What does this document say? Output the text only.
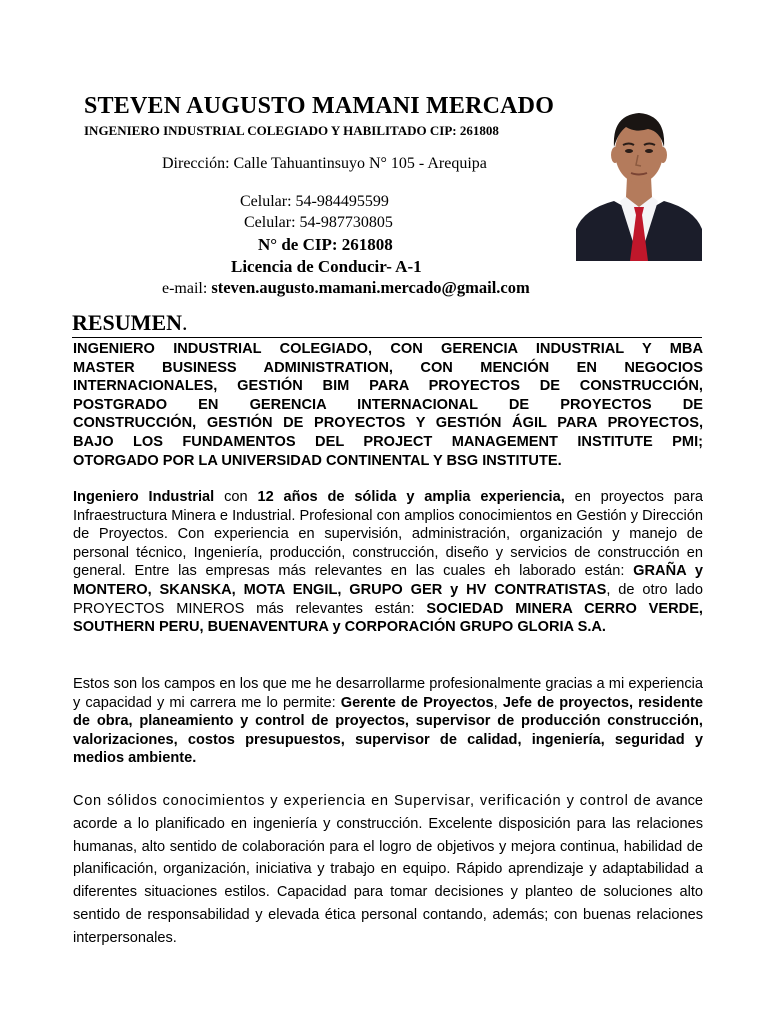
STEVEN AUGUSTO MAMANI MERCADO
INGENIERO INDUSTRIAL COLEGIADO Y HABILITADO CIP: 261808
Dirección: Calle Tahuantinsuyo N° 105 - Arequipa
Celular: 54-984495599
Celular: 54-987730805
N° de CIP: 261808
Licencia de Conducir- A-1
e-mail: steven.augusto.mamani.mercado@gmail.com
RESUMEN.
INGENIERO INDUSTRIAL COLEGIADO, CON GERENCIA INDUSTRIAL Y MBA
MASTER BUSINESS ADMINISTRATION, CON MENCIÓN EN NEGOCIOS
INTERNACIONALES, GESTIÓN BIM PARA PROYECTOS DE CONSTRUCCIÓN,
POSTGRADO EN GERENCIA INTERNACIONAL DE PROYECTOS DE
CONSTRUCCIÓN, GESTIÓN DE PROYECTOS Y GESTIÓN ÁGIL PARA PROYECTOS,
BAJO LOS FUNDAMENTOS DEL PROJECT MANAGEMENT INSTITUTE PMI;
OTORGADO POR LA UNIVERSIDAD CONTINENTAL Y BSG INSTITUTE.
Ingeniero Industrial con 12 años de sólida y amplia experiencia, en proyectos para Infraestructura Minera e Industrial. Profesional con amplios conocimientos en Gestión y Dirección de Proyectos. Con experiencia en supervisión, administración, organización y manejo de personal técnico, Ingeniería, producción, construcción, diseño y servicios de construcción en general. Entre las empresas más relevantes en las cuales eh laborado están: GRAÑA y MONTERO, SKANSKA, MOTA ENGIL, GRUPO GER y HV CONTRATISTAS, de otro lado PROYECTOS MINEROS más relevantes están: SOCIEDAD MINERA CERRO VERDE, SOUTHERN PERU, BUENAVENTURA y CORPORACIÓN GRUPO GLORIA S.A.
Estos son los campos en los que me he desarrollarme profesionalmente gracias a mi experiencia y capacidad y mi carrera me lo permite: Gerente de Proyectos, Jefe de proyectos, residente de obra, planeamiento y control de proyectos, supervisor de producción construcción, valorizaciones, costos presupuestos, supervisor de calidad, ingeniería, seguridad y medios ambiente.
Con sólidos conocimientos y experiencia en Supervisar, verificación y control de avance acorde a lo planificado en ingeniería y construcción. Excelente disposición para las relaciones humanas, alto sentido de colaboración para el logro de objetivos y mejora continua, habilidad de planificación, organización, iniciativa y trabajo en equipo. Rápido aprendizaje y adaptabilidad a diferentes situaciones estilos. Capacidad para tomar decisiones y planteo de soluciones alto sentido de responsabilidad y elevada ética personal contando, además; con buenas relaciones interpersonales.
